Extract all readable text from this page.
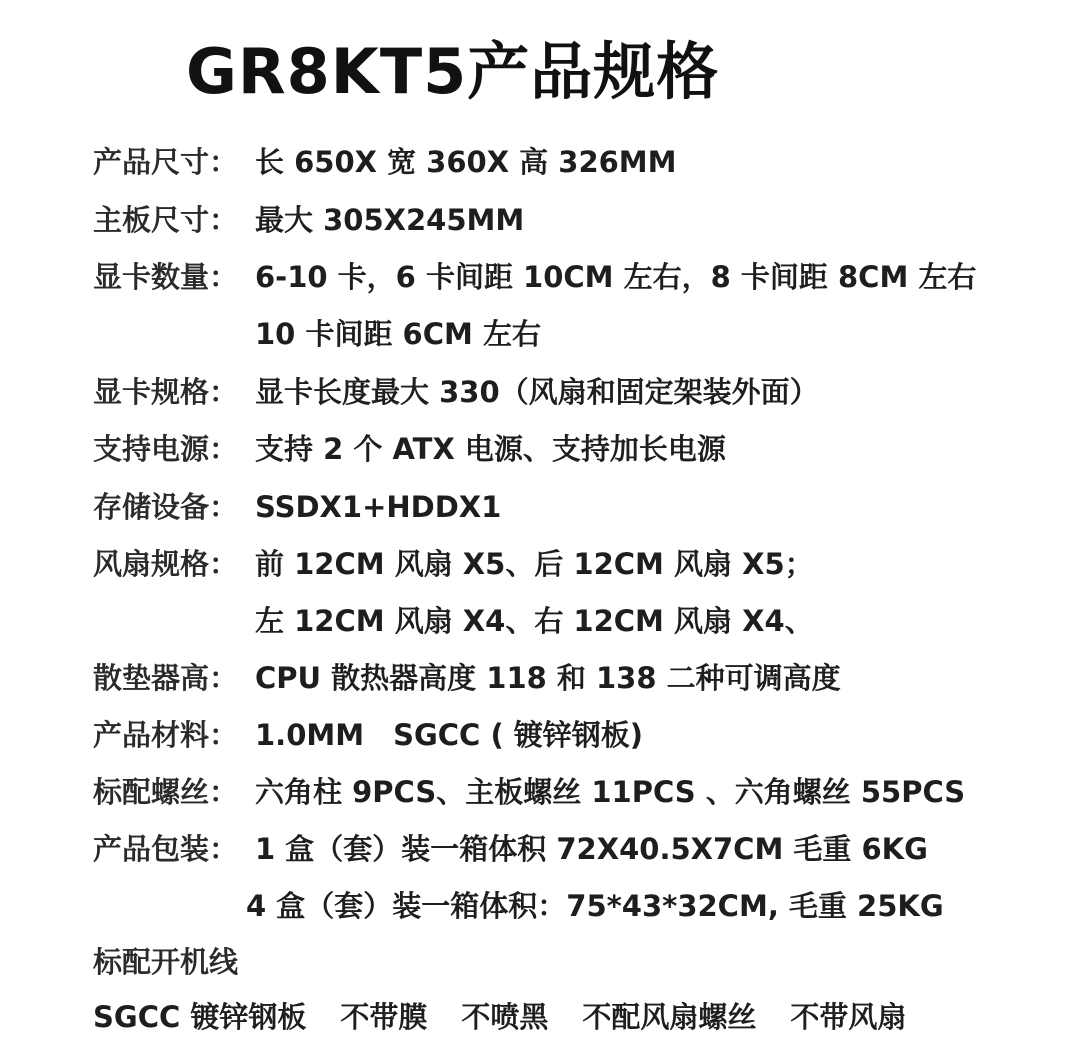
GR8KT5产品规格
产品尺寸： 长 650X 宽 360X 高 326MM
主板尺寸： 最大 305X245MM
显卡数量： 6-10 卡，6 卡间距 10CM 左右，8 卡间距 8CM 左右
10 卡间距 6CM 左右
显卡规格： 显卡长度最大 330（风扇和固定架装外面）
支持电源： 支持 2 个 ATX 电源、支持加长电源
存储设备： SSDX1+HDDX1
风扇规格： 前 12CM 风扇 X5、后 12CM 风扇 X5；
左 12CM 风扇 X4、右 12CM 风扇 X4、
散垫器高： CPU 散热器高度 118 和 138 二种可调高度
产品材料： 1.0MM　SGCC ( 镀锌钢板)
标配螺丝： 六角柱 9PCS、主板螺丝 11PCS 、六角螺丝 55PCS
产品包装： 1 盒（套）装一箱体积 72X40.5X7CM 毛重 6KG
4 盒（套）装一箱体积：75*43*32CM, 毛重 25KG
标配开机线
SGCC 镀锌钢板 不带膜 不喷黑 不配风扇螺丝 不带风扇
